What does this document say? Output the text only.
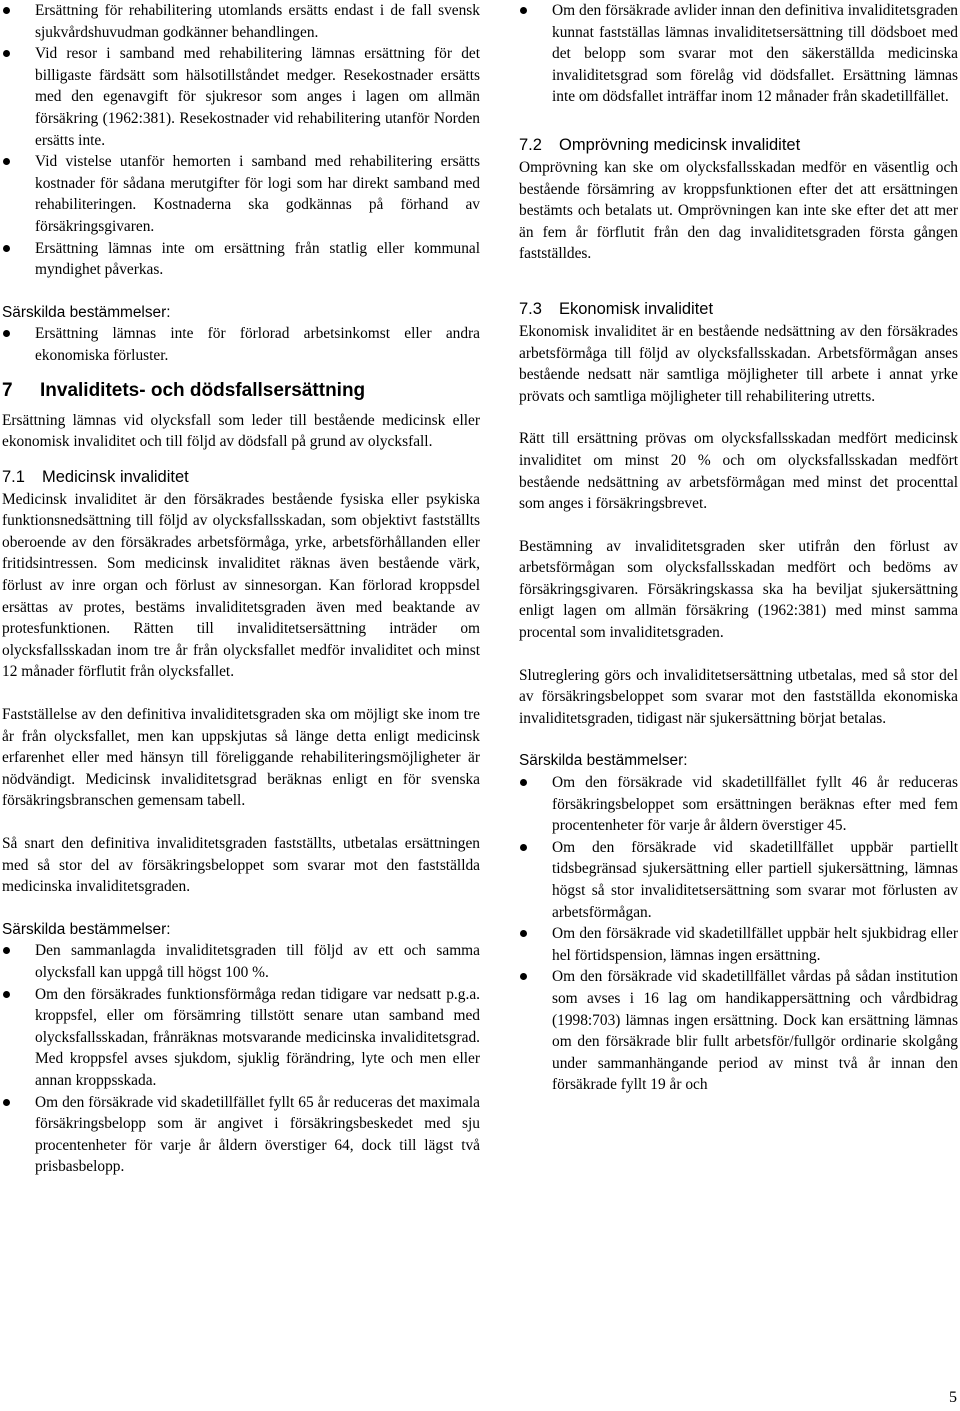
Ersättning för rehabilitering utomlands ersätts endast i de fall svensk sjukvårdshuvudman godkänner behandlingen.
Vid resor i samband med rehabilitering lämnas ersättning för det billigaste färdsätt som hälsotillståndet medger. Resekostnader ersätts med den egenavgift för sjukresor som anges i lagen om allmän försäkring (1962:381). Resekostnader vid rehabilitering utanför Norden ersätts inte.
Vid vistelse utanför hemorten i samband med rehabilitering ersätts kostnader för sådana merutgifter för logi som har direkt samband med rehabiliteringen. Kostnaderna ska godkännas på förhand av försäkringsgivaren.
Ersättning lämnas inte om ersättning från statlig eller kommunal myndighet påverkas.

Särskilda bestämmelser:

Ersättning lämnas inte för förlorad arbetsinkomst eller andra ekonomiska förluster.
7 Invaliditets- och dödsfallsersättning

Ersättning lämnas vid olycksfall som leder till bestående medicinsk eller ekonomisk invaliditet och till följd av dödsfall på grund av olycksfall.

7.1 Medicinsk invaliditet

Medicinsk invaliditet är den försäkrades bestående fysiska eller psykiska funktionsnedsättning till följd av olycksfallsskadan, som objektivt fastställts oberoende av den försäkrades arbetsförmåga, yrke, arbetsförhållanden eller fritidsintressen. Som medicinsk invaliditet räknas även bestående värk, förlust av inre organ och förlust av sinnesorgan. Kan förlorad kroppsdel ersättas av protes, bestäms invaliditetsgraden även med beaktande av protesfunktionen. Rätten till invaliditetsersättning inträder om olycksfallsskadan inom tre år från olycksfallet medför invaliditet och minst 12 månader förflutit från olycksfallet.

Fastställelse av den definitiva invaliditetsgraden ska om möjligt ske inom tre år från olycksfallet, men kan uppskjutas så länge detta enligt medicinsk erfarenhet eller med hänsyn till föreliggande rehabiliteringsmöjligheter är nödvändigt. Medicinsk invaliditetsgrad beräknas enligt en för svenska försäkringsbranschen gemensam tabell.

Så snart den definitiva invaliditetsgraden fastställts, utbetalas ersättningen med så stor del av försäkringsbeloppet som svarar mot den fastställda medicinska invaliditetsgraden.

Särskilda bestämmelser:

Den sammanlagda invaliditetsgraden till följd av ett och samma olycksfall kan uppgå till högst 100 %.
Om den försäkrades funktionsförmåga redan tidigare var nedsatt p.g.a. kroppsfel, eller om försämring tillstött senare utan samband med olycksfallsskadan, frånräknas motsvarande medicinska invaliditetsgrad. Med kroppsfel avses sjukdom, sjuklig förändring, lyte och men eller annan kroppsskada.
Om den försäkrade vid skadetillfället fyllt 65 år reduceras det maximala försäkringsbelopp som är angivet i försäkringsbeskedet med sju procentenheter för varje år åldern överstiger 64, dock till lägst två prisbasbelopp.
Om den försäkrade avlider innan den definitiva invaliditetsgraden kunnat fastställas lämnas invaliditetsersättning till dödsboet med det belopp som svarar mot den säkerställda medicinska invaliditetsgrad som förelåg vid dödsfallet. Ersättning lämnas inte om dödsfallet inträffar inom 12 månader från skadetillfället.
7.2 Omprövning medicinsk invaliditet

Omprövning kan ske om olycksfallsskadan medför en väsentlig och bestående försämring av kroppsfunktionen efter det att ersättningen bestämts och betalats ut. Omprövningen kan inte ske efter det att mer än fem år förflutit från den dag invaliditetsgraden första gången fastställdes.

7.3 Ekonomisk invaliditet

Ekonomisk invaliditet är en bestående nedsättning av den försäkrades arbetsförmåga till följd av olycksfallsskadan. Arbetsförmågan anses bestående nedsatt när samtliga möjligheter till arbete i annat yrke prövats och samtliga möjligheter till rehabilitering utretts.

Rätt till ersättning prövas om olycksfallsskadan medfört medicinsk invaliditet om minst 20 % och om olycksfallsskadan medfört bestående nedsättning av arbetsförmågan med minst det procenttal som anges i försäkringsbrevet.

Bestämning av invaliditetsgraden sker utifrån den förlust av arbetsförmågan som olycksfallsskadan medfört och bedöms av försäkringsgivaren. Försäkringskassa ska ha beviljat sjukersättning enligt lagen om allmän försäkring (1962:381) med minst samma procental som invaliditetsgraden.

Slutreglering görs och invaliditetsersättning utbetalas, med så stor del av försäkringsbeloppet som svarar mot den fastställda ekonomiska invaliditetsgraden, tidigast när sjukersättning börjat betalas.

Särskilda bestämmelser:

Om den försäkrade vid skadetillfället fyllt 46 år reduceras försäkringsbeloppet som ersättningen beräknas efter med fem procentenheter för varje år åldern överstiger 45.
Om den försäkrade vid skadetillfället uppbär partiellt tidsbegränsad sjukersättning eller partiell sjukersättning, lämnas högst så stor invaliditetsersättning som svarar mot förlusten av arbetsförmågan.
Om den försäkrade vid skadetillfället uppbär helt sjukbidrag eller hel förtidspension, lämnas ingen ersättning.
Om den försäkrade vid skadetillfället vårdas på sådan institution som avses i 16 lag om handikappersättning och vårdbidrag (1998:703) lämnas ingen ersättning. Dock kan ersättning lämnas om den försäkrade blir fullt arbetsför/fullgör ordinarie skolgång under sammanhängande period av minst två år innan den försäkrade fyllt 19 år och
5
